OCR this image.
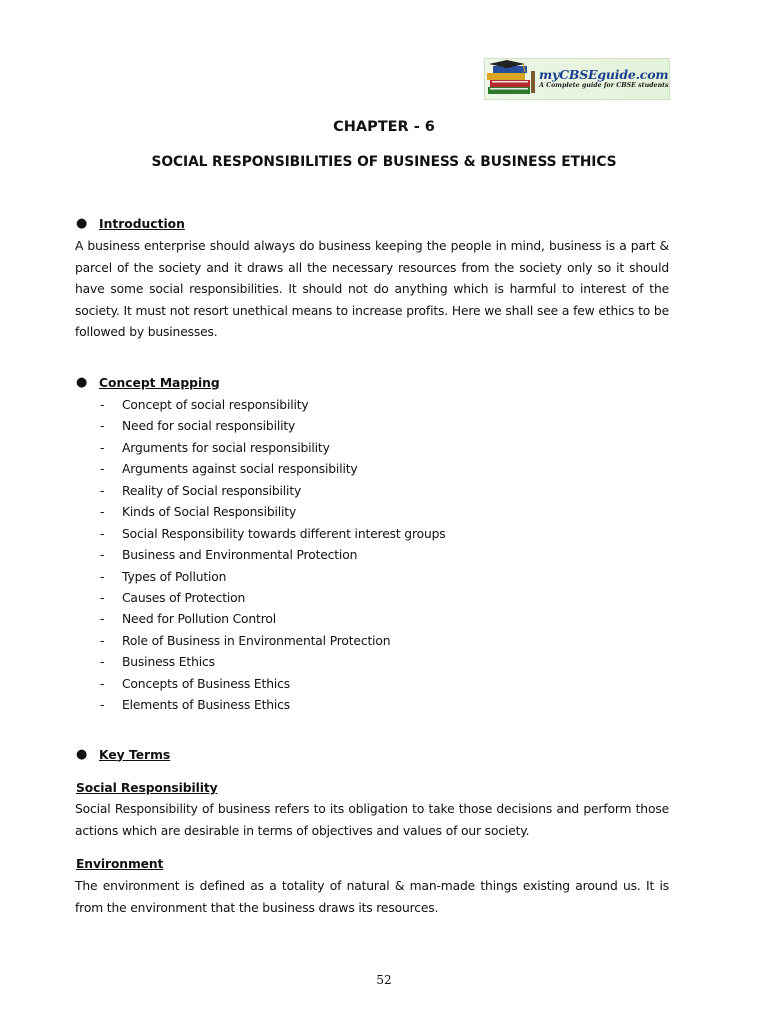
myCBSEguide.com
A Complete guide for CBSE students
CHAPTER - 6
SOCIAL RESPONSIBILITIES OF BUSINESS & BUSINESS ETHICS
● Introduction

A business enterprise should always do business keeping the people in mind, business is a part & parcel of the society and it draws all the necessary resources from the society only so it should have some social responsibilities. It should not do anything which is harmful to interest of the society. It must not resort unethical means to increase profits. Here we shall see a few ethics to be followed by businesses.

● Concept Mapping
-	Concept of social responsibility
-	Need for social responsibility
-	Arguments for social responsibility
-	Arguments against social responsibility
-	Reality of Social responsibility
-	Kinds of Social Responsibility
-	Social Responsibility towards different interest groups
-	Business and Environmental Protection
-	Types of Pollution
-	Causes of Protection
-	Need for Pollution Control
-	Role of Business in Environmental Protection
-	Business Ethics
-	Concepts of Business Ethics
-	Elements of Business Ethics
● Key Terms
Social Responsibility

Social Responsibility of business refers to its obligation to take those decisions and perform those actions which are desirable in terms of objectives and values of our society.

Environment

The environment is defined as a totality of natural & man-made things existing around us. It is from the environment that the business draws its resources.

52
